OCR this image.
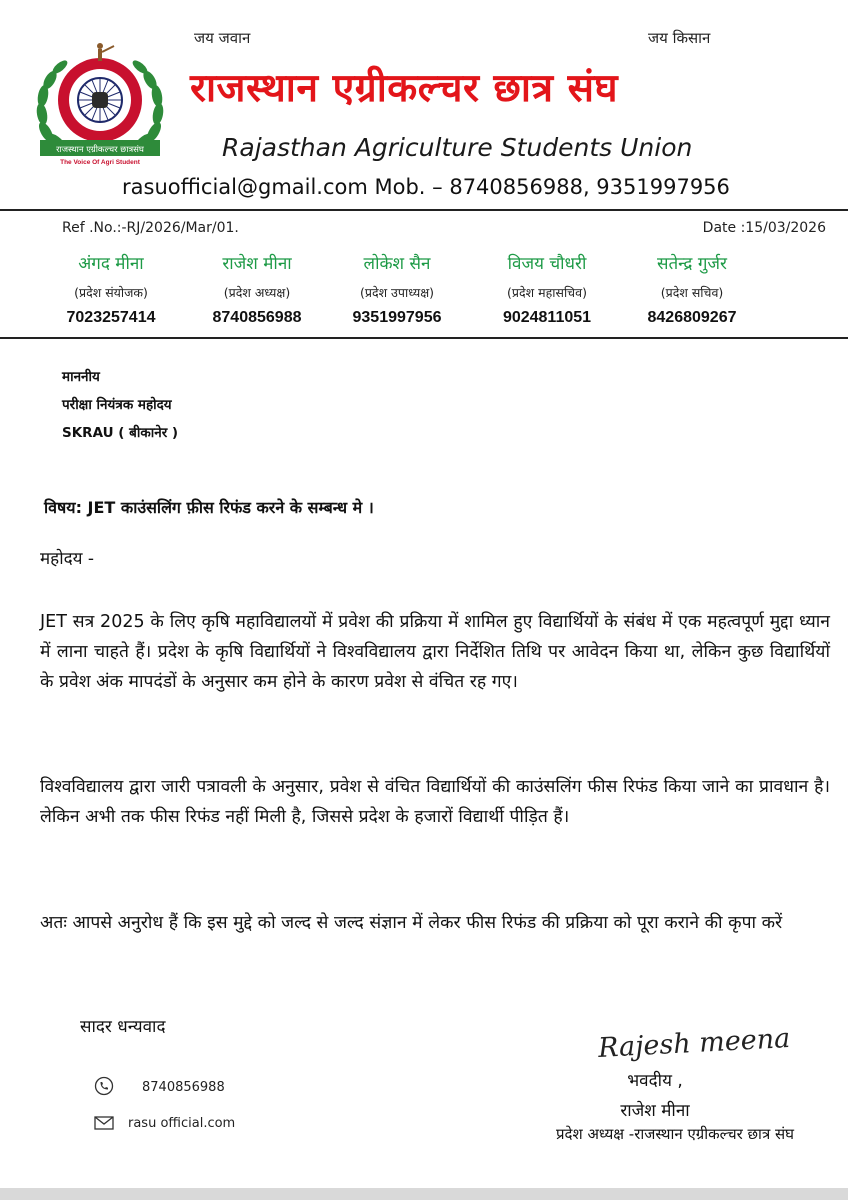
जय जवान	जय किसान
राजस्थान एग्रीकल्चर छात्रसंघ
The Voice Of Agri Student
राजस्थान एग्रीकल्चर छात्र संघ
Rajasthan Agriculture Students Union
rasuofficial@gmail.com Mob. – 8740856988, 9351997956
Ref .No.:-RJ/2026/Mar/01.	Date :15/03/2026
अंगद मीना
(प्रदेश संयोजक)
7023257414
राजेश मीना
(प्रदेश अध्यक्ष)
8740856988
लोकेश सैन
(प्रदेश उपाध्यक्ष)
9351997956
विजय चौधरी
(प्रदेश महासचिव)
9024811051
सतेन्द्र गुर्जर
(प्रदेश सचिव)
8426809267
माननीय
परीक्षा नियंत्रक महोदय
SKRAU ( बीकानेर )
विषय: JET काउंसलिंग फ़ीस रिफंड करने के सम्बन्ध मे ।
महोदय -
JET सत्र 2025 के लिए कृषि महाविद्यालयों में प्रवेश की प्रक्रिया में शामिल हुए विद्यार्थियों के संबंध में एक महत्वपूर्ण मुद्दा ध्यान में लाना चाहते हैं। प्रदेश के कृषि विद्यार्थियों ने विश्वविद्यालय द्वारा निर्देशित तिथि पर आवेदन किया था, लेकिन कुछ विद्यार्थियों के प्रवेश अंक मापदंडों के अनुसार कम होने के कारण प्रवेश से वंचित रह गए।
विश्वविद्यालय द्वारा जारी पत्रावली के अनुसार, प्रवेश से वंचित विद्यार्थियों की काउंसलिंग फीस रिफंड किया जाने का प्रावधान है। लेकिन अभी तक फीस रिफंड नहीं मिली है, जिससे प्रदेश के हजारों विद्यार्थी पीड़ित हैं।
अतः आपसे अनुरोध हैं कि इस मुद्दे को जल्द से जल्द संज्ञान में लेकर फीस रिफंड की प्रक्रिया को पूरा कराने की कृपा करें
सादर धन्यवाद
8740856988
rasu official.com
Rajesh meena
भवदीय ,
राजेश मीना
प्रदेश अध्यक्ष -राजस्थान एग्रीकल्चर छात्र संघ
